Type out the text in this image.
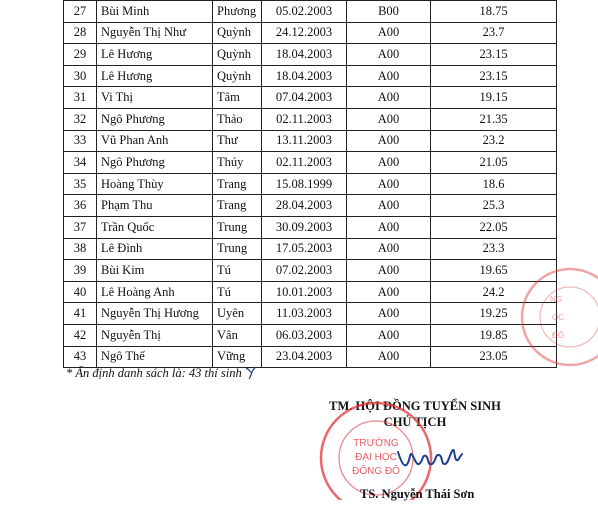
27	Bùi Minh	Phương	05.02.2003	B00	18.75
28	Nguyễn Thị Như	Quỳnh	24.12.2003	A00	23.7
29	Lê Hương	Quỳnh	18.04.2003	A00	23.15
30	Lê Hương	Quỳnh	18.04.2003	A00	23.15
31	Vi Thị	Tâm	07.04.2003	A00	19.15
32	Ngô Phương	Thảo	02.11.2003	A00	21.35
33	Vũ Phan Anh	Thư	13.11.2003	A00	23.2
34	Ngô Phương	Thúy	02.11.2003	A00	21.05
35	Hoàng Thùy	Trang	15.08.1999	A00	18.6
36	Phạm Thu	Trang	28.04.2003	A00	25.3
37	Trần Quốc	Trung	30.09.2003	A00	22.05
38	Lê Đình	Trung	17.05.2003	A00	23.3
39	Bùi Kim	Tú	07.02.2003	A00	19.65
40	Lê Hoàng Anh	Tú	10.01.2003	A00	24.2
41	Nguyễn Thị Hương	Uyên	11.03.2003	A00	19.25
42	Nguyễn Thị	Vân	06.03.2003	A00	19.85
43	Ngô Thế	Vững	23.04.2003	A00	23.05
* Ấn định danh sách là: 43 thí sinh
NG
ỌC
ĐÔ
TM. HỘI ĐỒNG TUYỂN SINH
CHỦ TỊCH
TRƯỜNG
ĐẠI HỌC
ĐÔNG ĐÔ
TS. Nguyễn Thái Sơn
